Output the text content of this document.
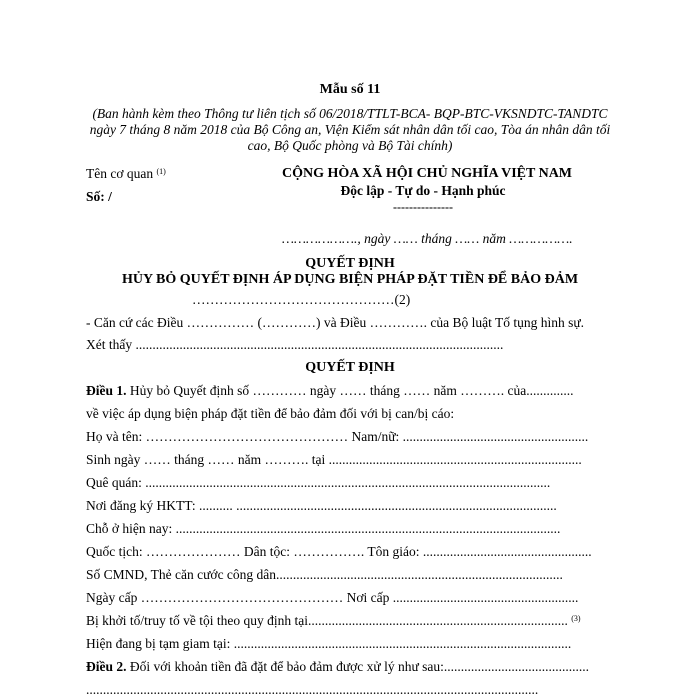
Mẫu số 11
(Ban hành kèm theo Thông tư liên tịch số 06/2018/TTLT-BCA- BQP-BTC-VKSNDTC-TANDTC
ngày 7 tháng 8 năm 2018 của Bộ Công an, Viện Kiểm sát nhân dân tối cao, Tòa án nhân dân tối
cao, Bộ Quốc phòng và Bộ Tài chính)
Tên cơ quan $^{(1)}$
Số: /
CỘNG HÒA XÃ HỘI CHỦ NGHĨA VIỆT NAM
Độc lập - Tự do - Hạnh phúc
---------------
………………., ngày …… tháng …… năm …………….
QUYẾT ĐỊNH
HỦY BỎ QUYẾT ĐỊNH ÁP DỤNG BIỆN PHÁP ĐẶT TIỀN ĐỂ BẢO ĐẢM
………………………………………(2)
- Căn cứ các Điều …………… (…………) và Điều …………. của Bộ luật Tố tụng hình sự.
Xét thấy .............................................................................................................
QUYẾT ĐỊNH
Điều 1. Hủy bỏ Quyết định số ………… ngày …… tháng …… năm ………. của..............
về việc áp dụng biện pháp đặt tiền để bảo đảm đối với bị can/bị cáo:
Họ và tên: ……………………………………… Nam/nữ: .......................................................
Sinh ngày …… tháng …… năm ………. tại ...........................................................................
Quê quán: ........................................................................................................................
Nơi đăng ký HKTT: .......... ...............................................................................................
Chỗ ở hiện nay: ..................................................................................................................
Quốc tịch: ………………… Dân tộc: ……………. Tôn giáo: ..................................................
Số CMND, Thẻ căn cước công dân.....................................................................................
Ngày cấp ……………………………………… Nơi cấp .......................................................
Bị khởi tố/truy tố về tội theo quy định tại............................................................................. $^{(3)}$
Hiện đang bị tạm giam tại: ....................................................................................................
Điều 2. Đối với khoản tiền đã đặt để bảo đảm được xử lý như sau:...........................................
......................................................................................................................................
